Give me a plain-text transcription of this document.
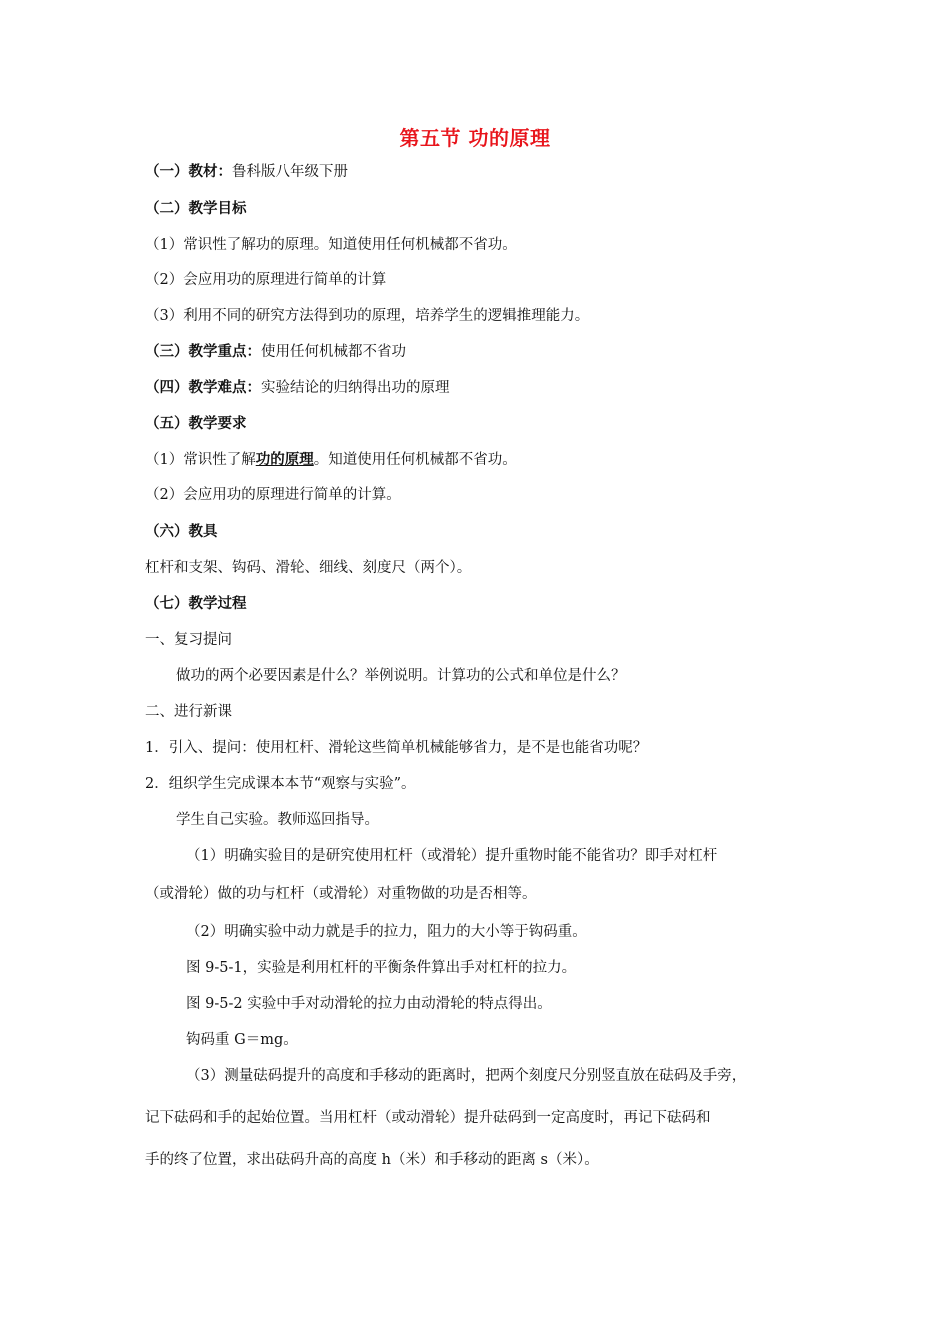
第五节 功的原理
（一）教材：鲁科版八年级下册
（二）教学目标
（1）常识性了解功的原理。知道使用任何机械都不省功。
（2）会应用功的原理进行简单的计算
（3）利用不同的研究方法得到功的原理，培养学生的逻辑推理能力。
（三）教学重点：使用任何机械都不省功
（四）教学难点：实验结论的归纳得出功的原理
（五）教学要求
（1）常识性了解功的原理。知道使用任何机械都不省功。
（2）会应用功的原理进行简单的计算。
（六）教具
杠杆和支架、钩码、滑轮、细线、刻度尺（两个）。
（七）教学过程
一、复习提问
做功的两个必要因素是什么？举例说明。计算功的公式和单位是什么？
二、进行新课
1．引入、提问：使用杠杆、滑轮这些简单机械能够省力，是不是也能省功呢？
2．组织学生完成课本本节“观察与实验”。
学生自己实验。教师巡回指导。
（1）明确实验目的是研究使用杠杆（或滑轮）提升重物时能不能省功？即手对杠杆
（或滑轮）做的功与杠杆（或滑轮）对重物做的功是否相等。
（2）明确实验中动力就是手的拉力，阻力的大小等于钩码重。
图 9-5-1，实验是利用杠杆的平衡条件算出手对杠杆的拉力。
图 9-5-2 实验中手对动滑轮的拉力由动滑轮的特点得出。
钩码重 G＝mg。
（3）测量砝码提升的高度和手移动的距离时，把两个刻度尺分别竖直放在砝码及手旁，
记下砝码和手的起始位置。当用杠杆（或动滑轮）提升砝码到一定高度时，再记下砝码和
手的终了位置，求出砝码升高的高度 h（米）和手移动的距离 s（米）。
